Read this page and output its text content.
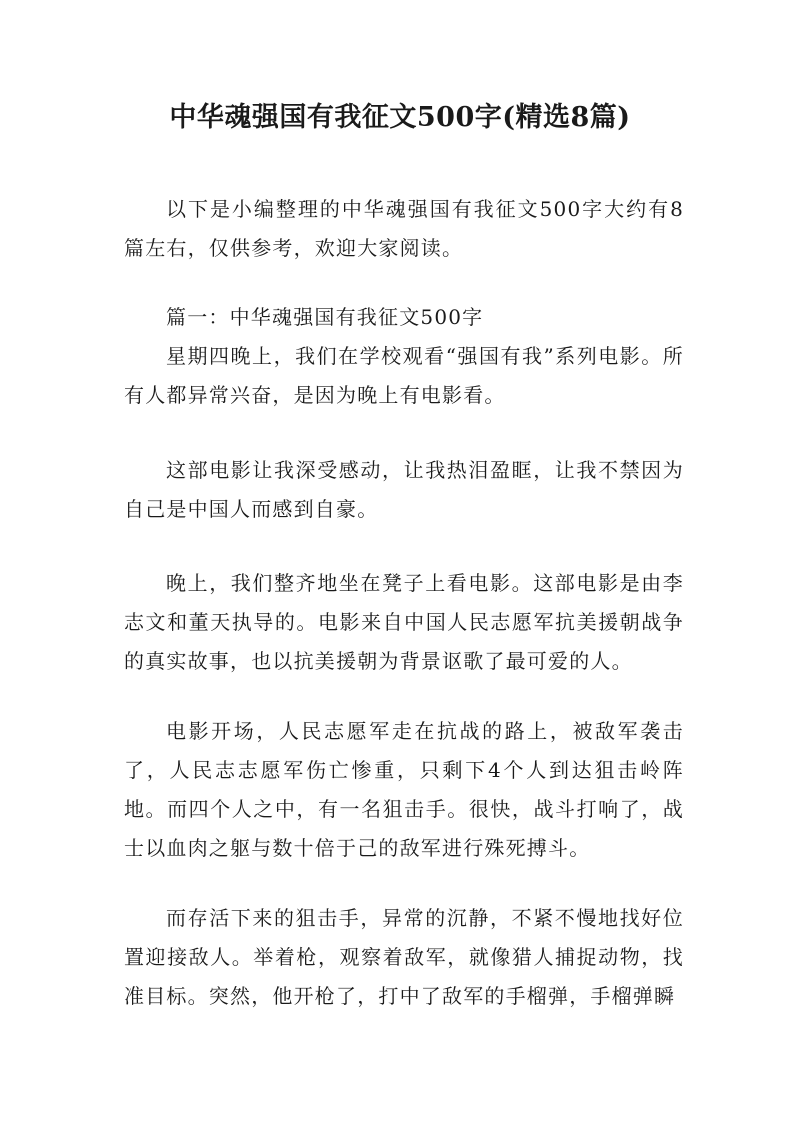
中华魂强国有我征文500字(精选8篇)

以下是小编整理的中华魂强国有我征文500字大约有8篇左右，仅供参考，欢迎大家阅读。

篇一：中华魂强国有我征文500字

星期四晚上，我们在学校观看“强国有我”系列电影。所有人都异常兴奋，是因为晚上有电影看。

这部电影让我深受感动，让我热泪盈眶，让我不禁因为自己是中国人而感到自豪。

晚上，我们整齐地坐在凳子上看电影。这部电影是由李志文和董天执导的。电影来自中国人民志愿军抗美援朝战争的真实故事，也以抗美援朝为背景讴歌了最可爱的人。

电影开场，人民志愿军走在抗战的路上，被敌军袭击了，人民志志愿军伤亡惨重，只剩下4个人到达狙击岭阵地。而四个人之中，有一名狙击手。很快，战斗打响了，战士以血肉之躯与数十倍于己的敌军进行殊死搏斗。

而存活下来的狙击手，异常的沉静，不紧不慢地找好位置迎接敌人。举着枪，观察着敌军，就像猎人捕捉动物，找准目标。突然，他开枪了，打中了敌军的手榴弹，手榴弹瞬
